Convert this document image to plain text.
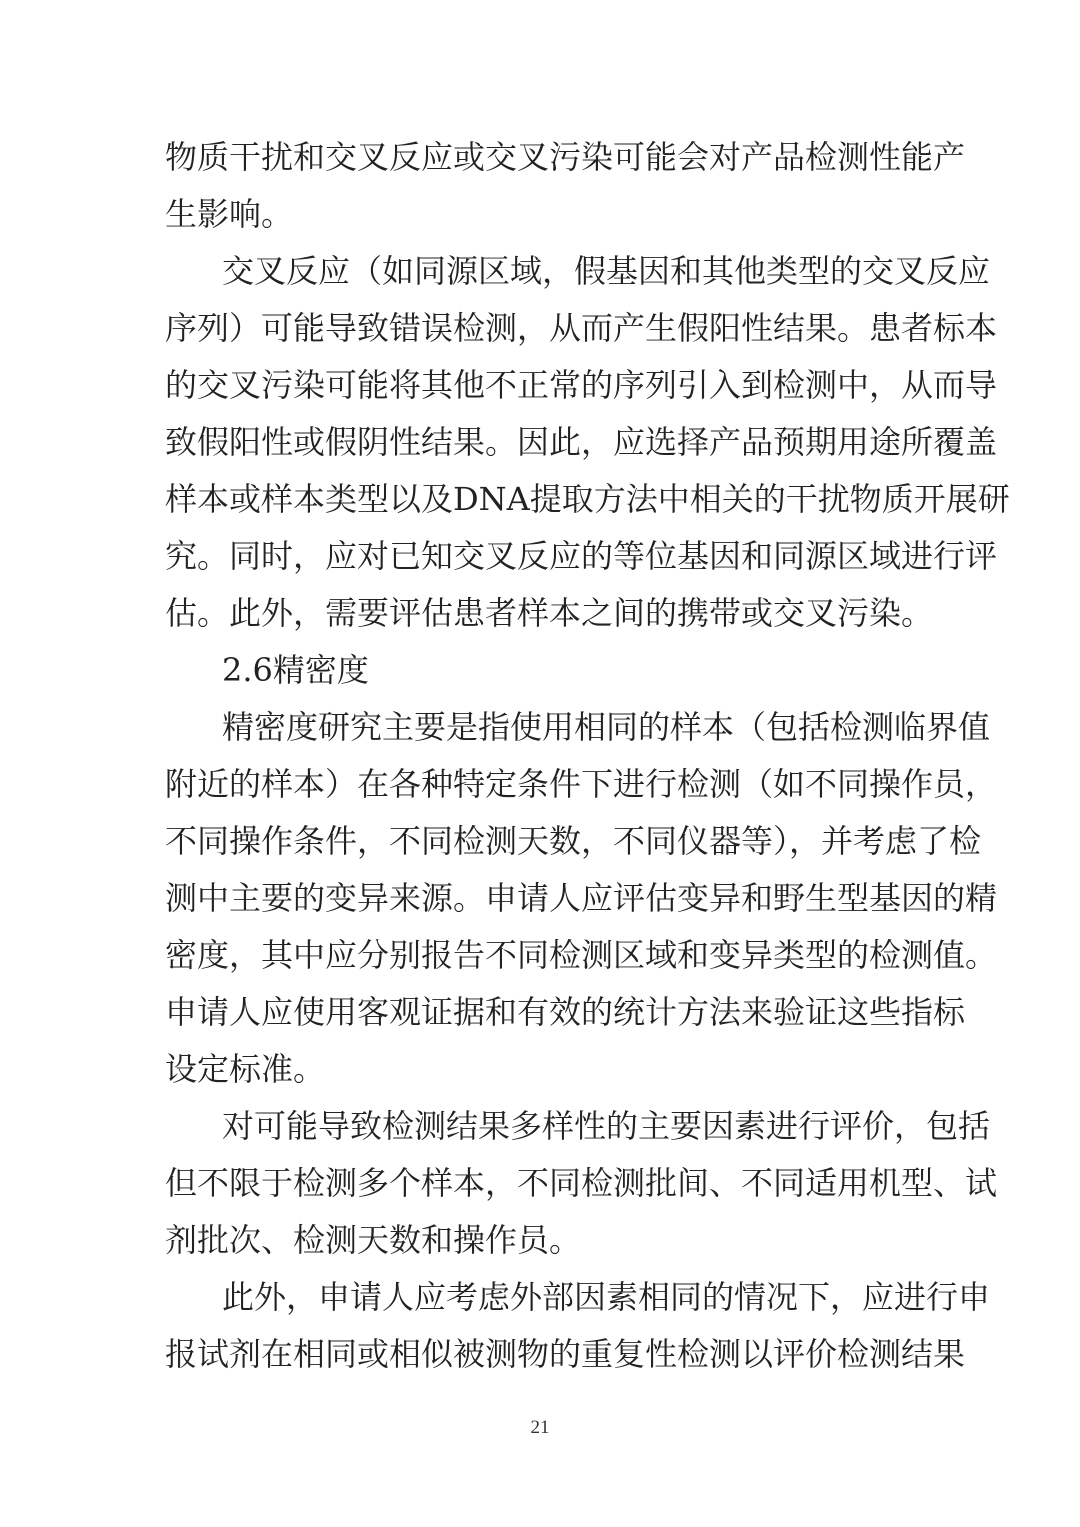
物质干扰和交叉反应或交叉污染可能会对产品检测性能产
生影响。
交叉反应（如同源区域，假基因和其他类型的交叉反应
序列）可能导致错误检测，从而产生假阳性结果。患者标本
的交叉污染可能将其他不正常的序列引入到检测中，从而导
致假阳性或假阴性结果。因此，应选择产品预期用途所覆盖
样本或样本类型以及DNA提取方法中相关的干扰物质开展研
究。同时，应对已知交叉反应的等位基因和同源区域进行评
估。此外，需要评估患者样本之间的携带或交叉污染。
2.6精密度
精密度研究主要是指使用相同的样本（包括检测临界值
附近的样本）在各种特定条件下进行检测（如不同操作员，
不同操作条件，不同检测天数，不同仪器等），并考虑了检
测中主要的变异来源。申请人应评估变异和野生型基因的精
密度，其中应分别报告不同检测区域和变异类型的检测值。
申请人应使用客观证据和有效的统计方法来验证这些指标
设定标准。
对可能导致检测结果多样性的主要因素进行评价，包括
但不限于检测多个样本，不同检测批间、不同适用机型、试
剂批次、检测天数和操作员。
此外，申请人应考虑外部因素相同的情况下，应进行申
报试剂在相同或相似被测物的重复性检测以评价检测结果
21
